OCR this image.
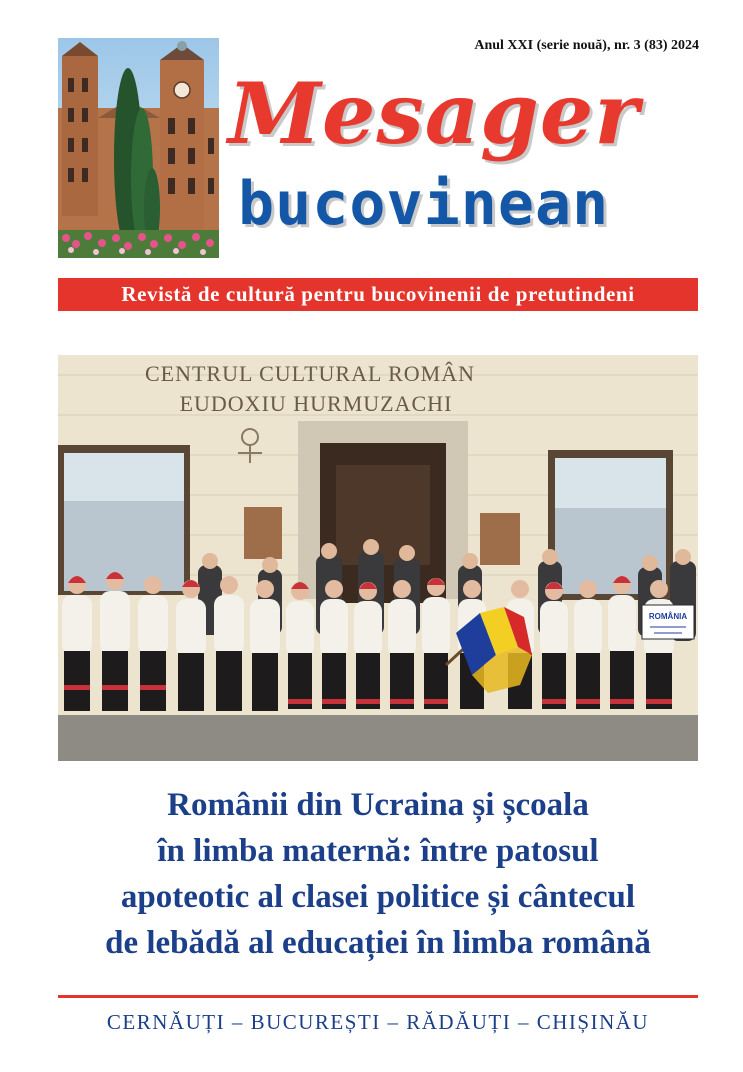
Anul XXI (serie nouă), nr. 3 (83) 2024
Mesager
bucovinean
Revistă de cultură pentru bucovinenii de pretutindeni
CENTRUL CULTURAL ROMÂN
EUDOXIU HURMUZACHI
ROMÂNIA
Românii din Ucraina și școala
în limba maternă: între patosul
apoteotic al clasei politice și cântecul
de lebădă al educației în limba română
CERNĂUȚI – BUCUREȘTI – RĂDĂUȚI – CHIȘINĂU
